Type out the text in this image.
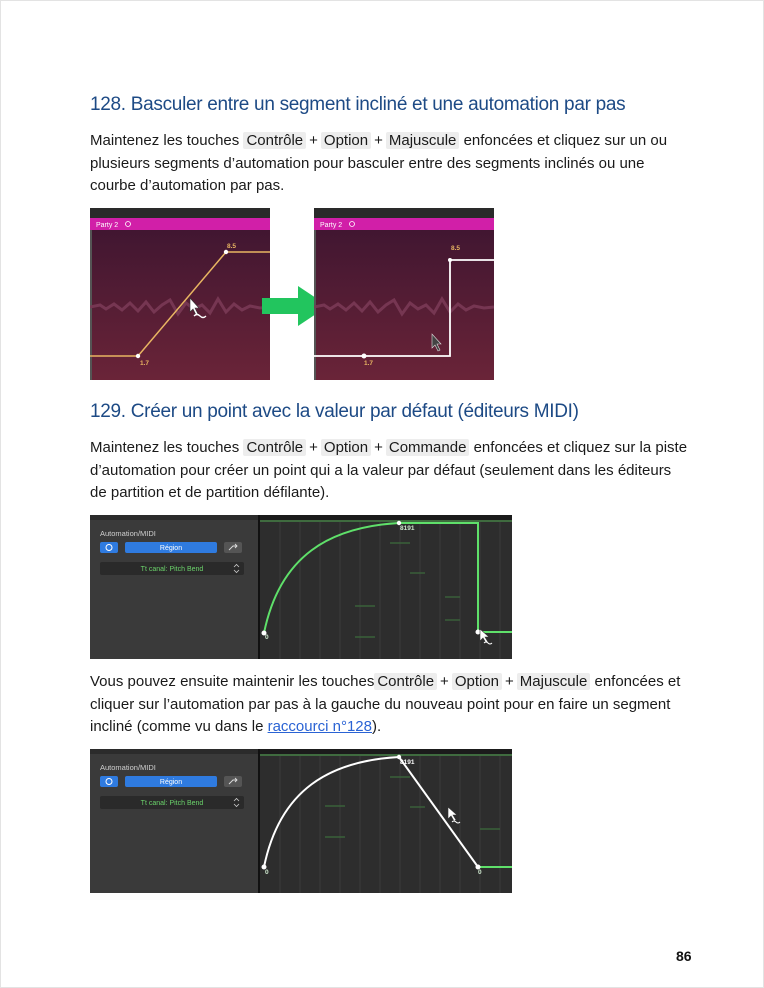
128. Basculer entre un segment incliné et une automation par pas

Maintenez les touches Contrôle + Option + Majuscule enfoncées et cliquez sur un ou plusieurs segments d’automation pour basculer entre des segments inclinés ou une courbe d’automation par pas.

Party 2
8.5
1.7
Party 2
8.5
1.7
129. Créer un point avec la valeur par défaut (éditeurs MIDI)

Maintenez les touches Contrôle + Option + Commande enfoncées et cliquez sur la piste d’automation pour créer un point qui a la valeur par défaut (seulement dans les éditeurs de partition et de partition défilante).

Automation/MIDI
Région
Tt canal: Pitch Bend
8191
0

Vous pouvez ensuite maintenir les touches Contrôle + Option + Majuscule enfoncées et cliquer sur l’automation par pas à la gauche du nouveau point pour en faire un segment incliné (comme vu dans le raccourci n°128).

Automation/MIDI
Région
Tt canal: Pitch Bend
8191
0	0
86
